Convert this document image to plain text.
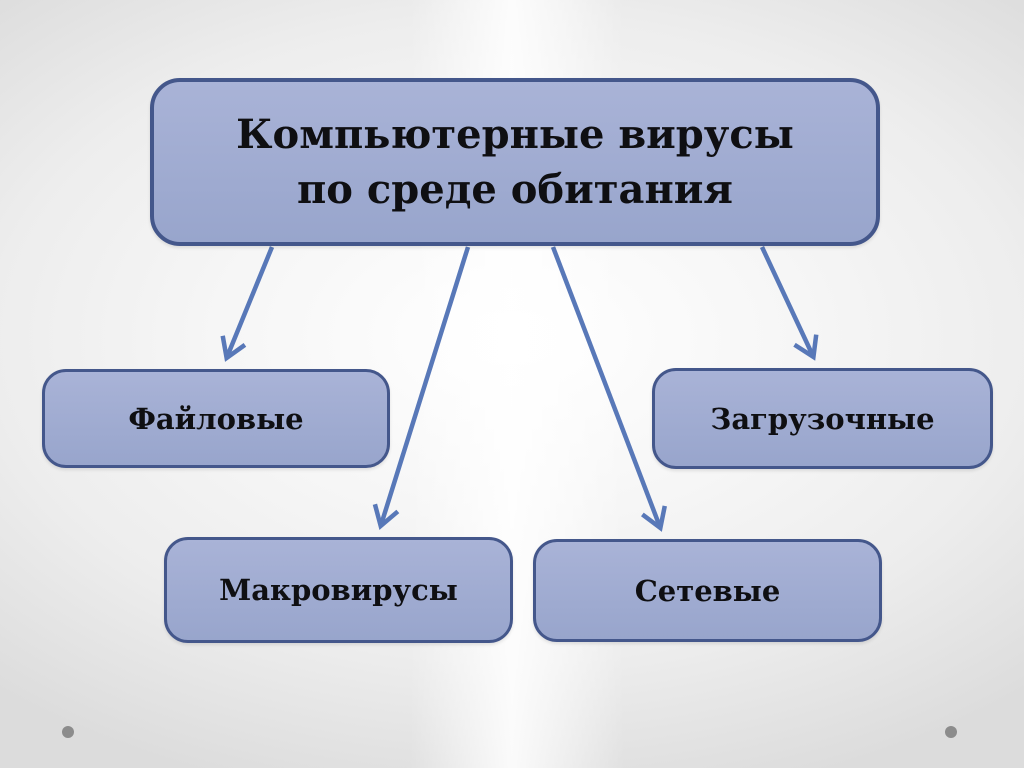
Компьютерные вирусы
по среде обитания
Файловые	Загрузочные
Макровирусы	Сетевые
